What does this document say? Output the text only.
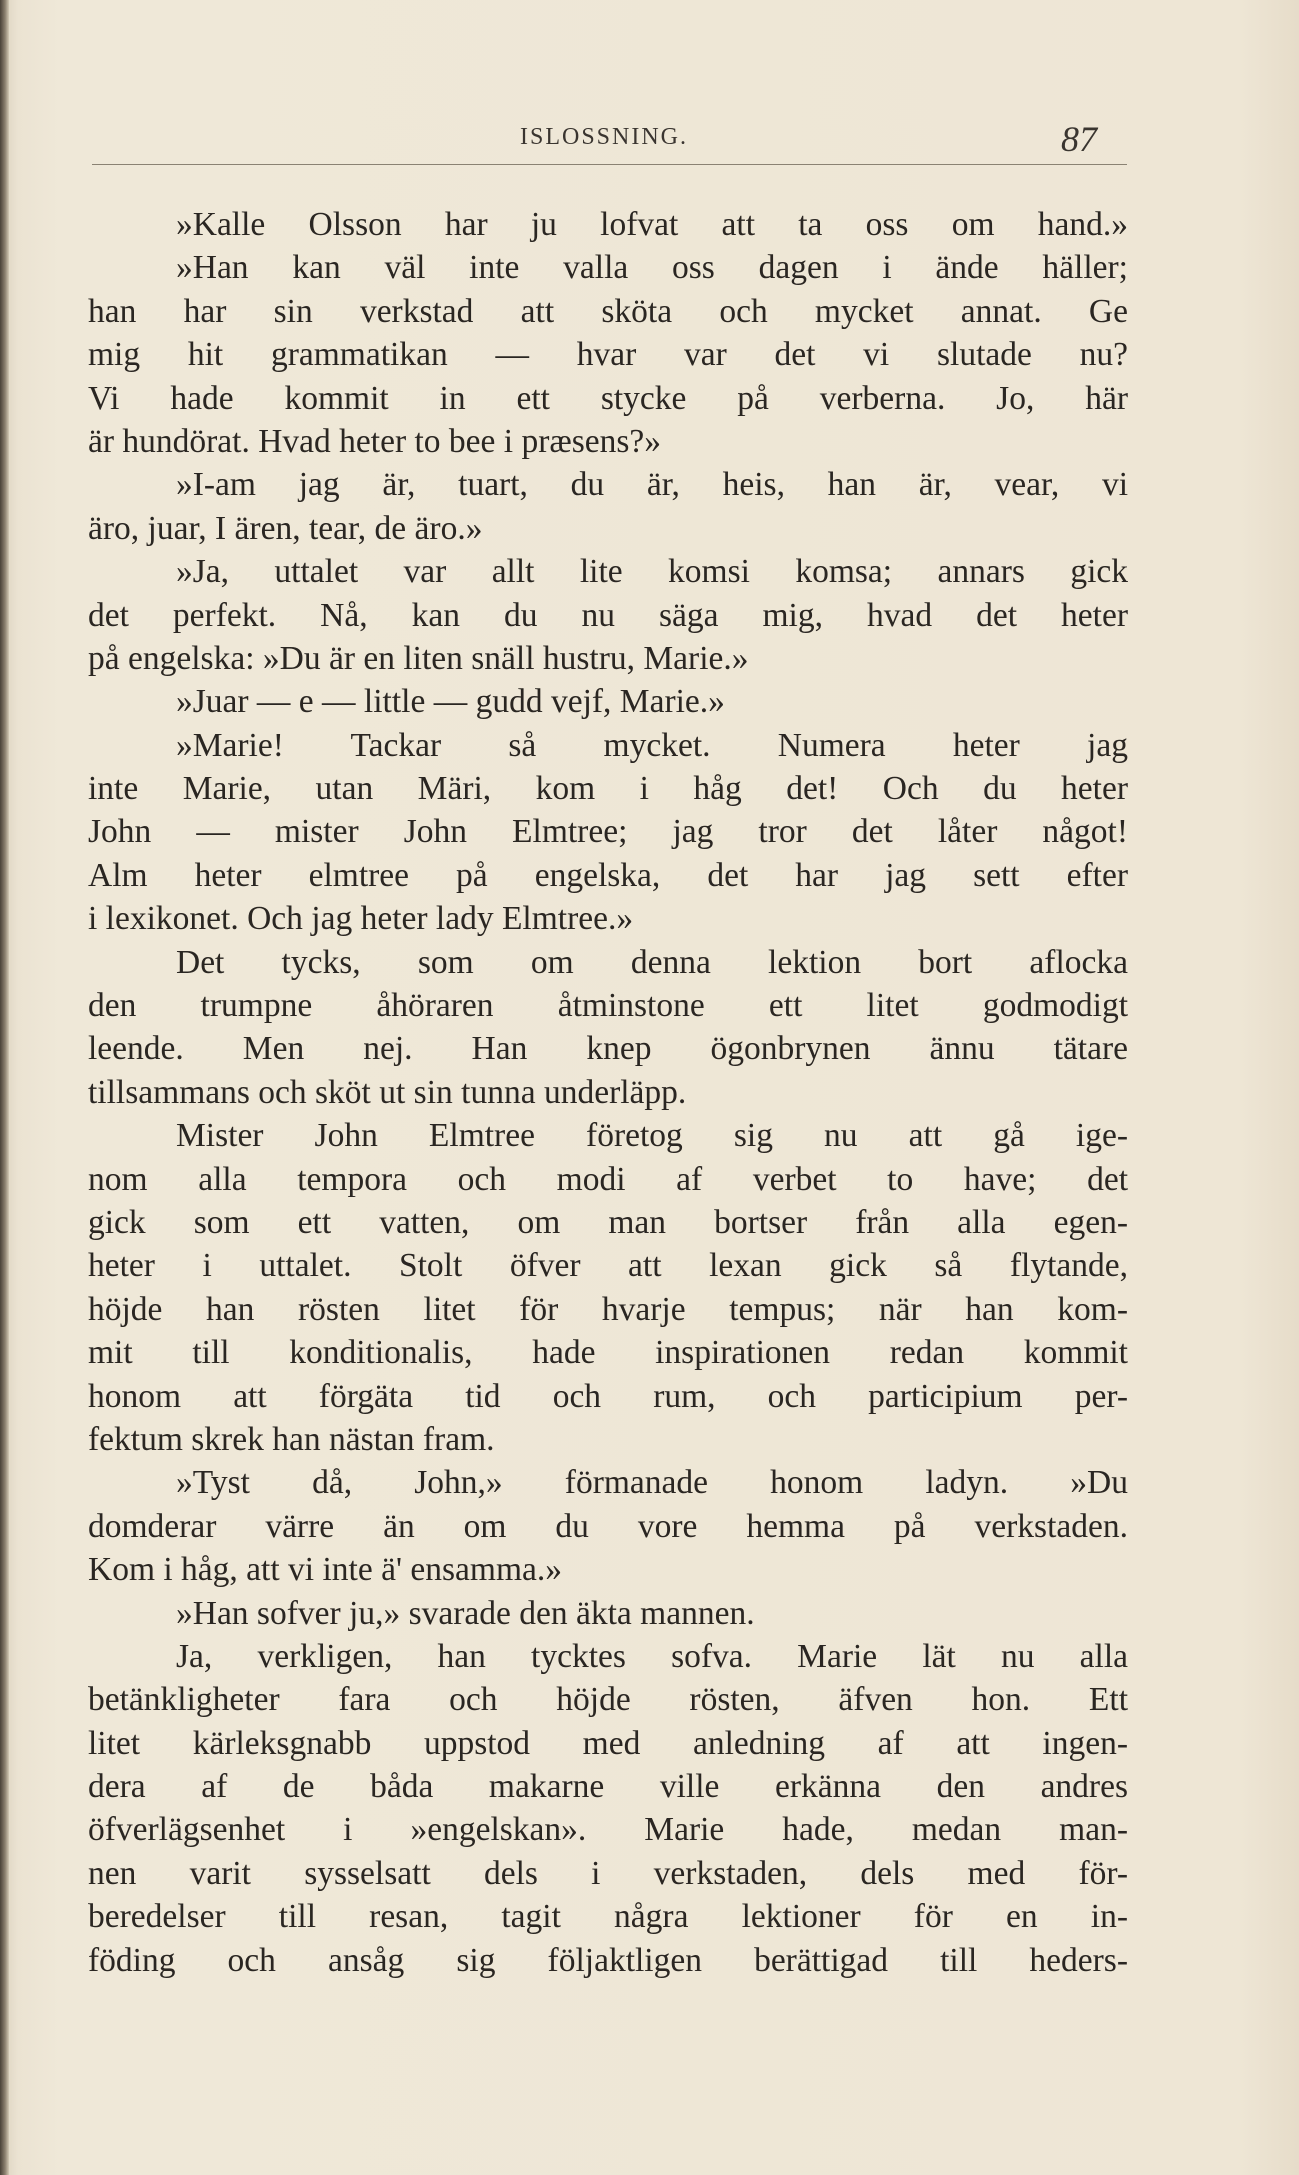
ISLOSSNING.	87
»Kalle Olsson har ju lofvat att ta oss om hand.»
»Han kan väl inte valla oss dagen i ände häller;
han har sin verkstad att sköta och mycket annat. Ge
mig hit grammatikan — hvar var det vi slutade nu?
Vi hade kommit in ett stycke på verberna. Jo, här
är hundörat. Hvad heter to bee i præsens?»
»I-am jag är, tuart, du är, heis, han är, vear, vi
äro, juar, I ären, tear, de äro.»
»Ja, uttalet var allt lite komsi komsa; annars gick
det perfekt. Nå, kan du nu säga mig, hvad det heter
på engelska: »Du är en liten snäll hustru, Marie.»
»Juar — e — little — gudd vejf, Marie.»
»Marie! Tackar så mycket. Numera heter jag
inte Marie, utan Märi, kom i håg det! Och du heter
John — mister John Elmtree; jag tror det låter något!
Alm heter elmtree på engelska, det har jag sett efter
i lexikonet. Och jag heter lady Elmtree.»
Det tycks, som om denna lektion bort aflocka
den trumpne åhöraren åtminstone ett litet godmodigt
leende. Men nej. Han knep ögonbrynen ännu tätare
tillsammans och sköt ut sin tunna underläpp.
Mister John Elmtree företog sig nu att gå ige-
nom alla tempora och modi af verbet to have; det
gick som ett vatten, om man bortser från alla egen-
heter i uttalet. Stolt öfver att lexan gick så flytande,
höjde han rösten litet för hvarje tempus; när han kom-
mit till konditionalis, hade inspirationen redan kommit
honom att förgäta tid och rum, och participium per-
fektum skrek han nästan fram.
»Tyst då, John,» förmanade honom ladyn. »Du
domderar värre än om du vore hemma på verkstaden.
Kom i håg, att vi inte ä' ensamma.»
»Han sofver ju,» svarade den äkta mannen.
Ja, verkligen, han tycktes sofva. Marie lät nu alla
betänkligheter fara och höjde rösten, äfven hon. Ett
litet kärleksgnabb uppstod med anledning af att ingen-
dera af de båda makarne ville erkänna den andres
öfverlägsenhet i »engelskan». Marie hade, medan man-
nen varit sysselsatt dels i verkstaden, dels med för-
beredelser till resan, tagit några lektioner för en in-
föding och ansåg sig följaktligen berättigad till heders-
